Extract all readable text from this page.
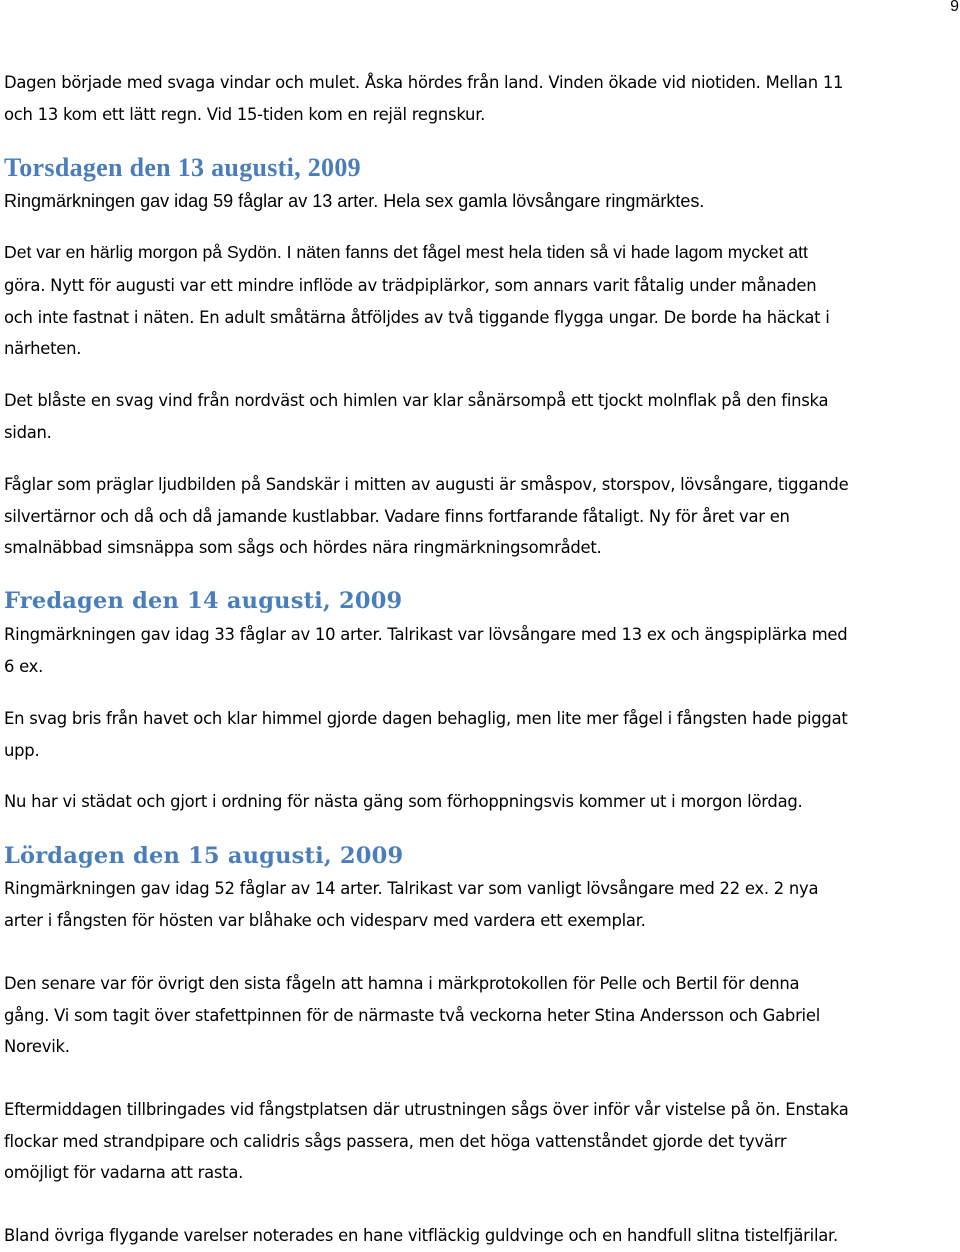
9

Dagen började med svaga vindar och mulet. Åska hördes från land. Vinden ökade vid niotiden. Mellan 11
och 13 kom ett lätt regn. Vid 15-tiden kom en rejäl regnskur.

Torsdagen den 13 augusti, 2009

Ringmärkningen gav idag 59 fåglar av 13 arter. Hela sex gamla lövsångare ringmärktes.

Det var en härlig morgon på Sydön. I näten fanns det fågel mest hela tiden så vi hade lagom mycket att

göra. Nytt för augusti var ett mindre inflöde av trädpiplärkor, som annars varit fåtalig under månaden
och inte fastnat i näten. En adult småtärna åtföljdes av två tiggande flygga ungar. De borde ha häckat i
närheten.

Det blåste en svag vind från nordväst och himlen var klar sånärsompå ett tjockt molnflak på den finska
sidan.

Fåglar som präglar ljudbilden på Sandskär i mitten av augusti är småspov, storspov, lövsångare, tiggande
silvertärnor och då och då jamande kustlabbar. Vadare finns fortfarande fåtaligt. Ny för året var en
smalnäbbad simsnäppa som sågs och hördes nära ringmärkningsområdet.

Fredagen den 14 augusti, 2009

Ringmärkningen gav idag 33 fåglar av 10 arter. Talrikast var lövsångare med 13 ex och ängspiplärka med
6 ex.

En svag bris från havet och klar himmel gjorde dagen behaglig, men lite mer fågel i fångsten hade piggat
upp.

Nu har vi städat och gjort i ordning för nästa gäng som förhoppningsvis kommer ut i morgon lördag.

Lördagen den 15 augusti, 2009

Ringmärkningen gav idag 52 fåglar av 14 arter. Talrikast var som vanligt lövsångare med 22 ex. 2 nya
arter i fångsten för hösten var blåhake och videsparv med vardera ett exemplar.

Den senare var för övrigt den sista fågeln att hamna i märkprotokollen för Pelle och Bertil för denna
gång. Vi som tagit över stafettpinnen för de närmaste två veckorna heter Stina Andersson och Gabriel
Norevik.

Eftermiddagen tillbringades vid fångstplatsen där utrustningen sågs över inför vår vistelse på ön. Enstaka
flockar med strandpipare och calidris sågs passera, men det höga vattenståndet gjorde det tyvärr
omöjligt för vadarna att rasta.

Bland övriga flygande varelser noterades en hane vitfläckig guldvinge och en handfull slitna tistelfjärilar.
